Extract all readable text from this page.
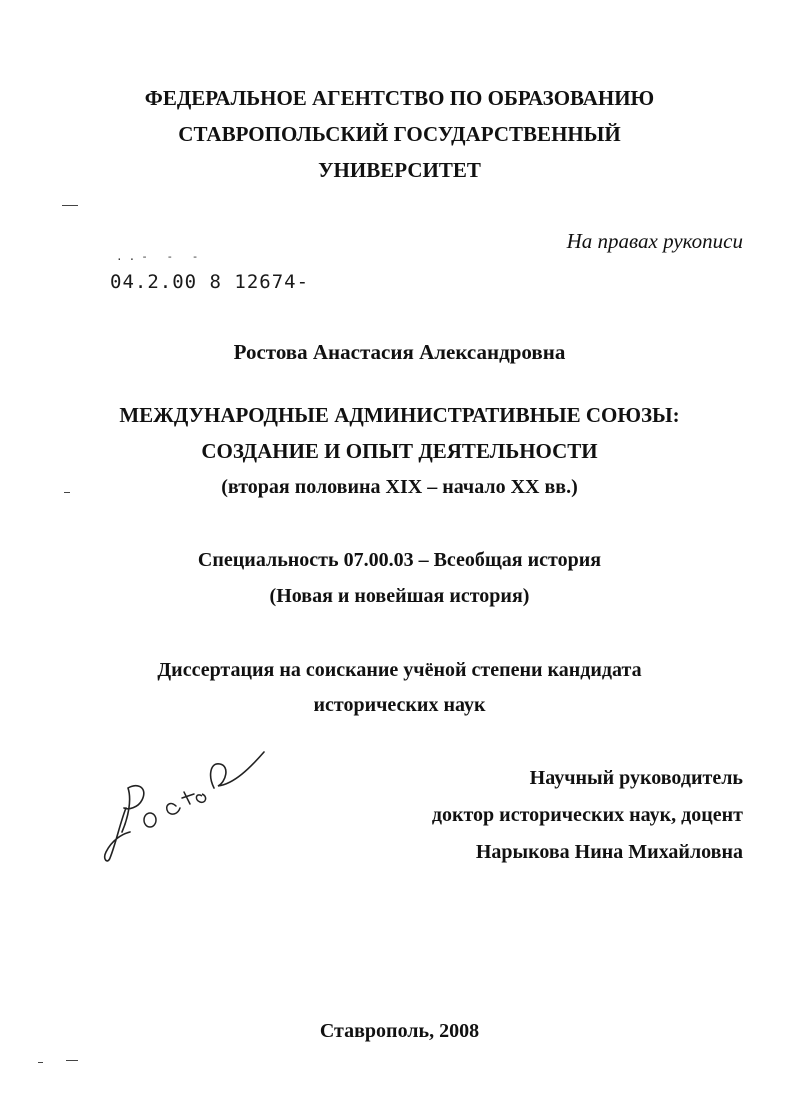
ФЕДЕРАЛЬНОЕ АГЕНТСТВО ПО ОБРАЗОВАНИЮ
СТАВРОПОЛЬСКИЙ ГОСУДАРСТВЕННЫЙ
УНИВЕРСИТЕТ
На правах рукописи
..- - -
04.2.00 8 12674-
Ростова Анастасия Александровна
МЕЖДУНАРОДНЫЕ АДМИНИСТРАТИВНЫЕ СОЮЗЫ:
СОЗДАНИЕ И ОПЫТ ДЕЯТЕЛЬНОСТИ
(вторая половина XIX – начало XX вв.)
Специальность 07.00.03 – Всеобщая история
(Новая и новейшая история)
Диссертация на соискание учёной степени кандидата
исторических наук
Научный руководитель
доктор исторических наук, доцент
Нарыкова Нина Михайловна
Ставрополь, 2008
